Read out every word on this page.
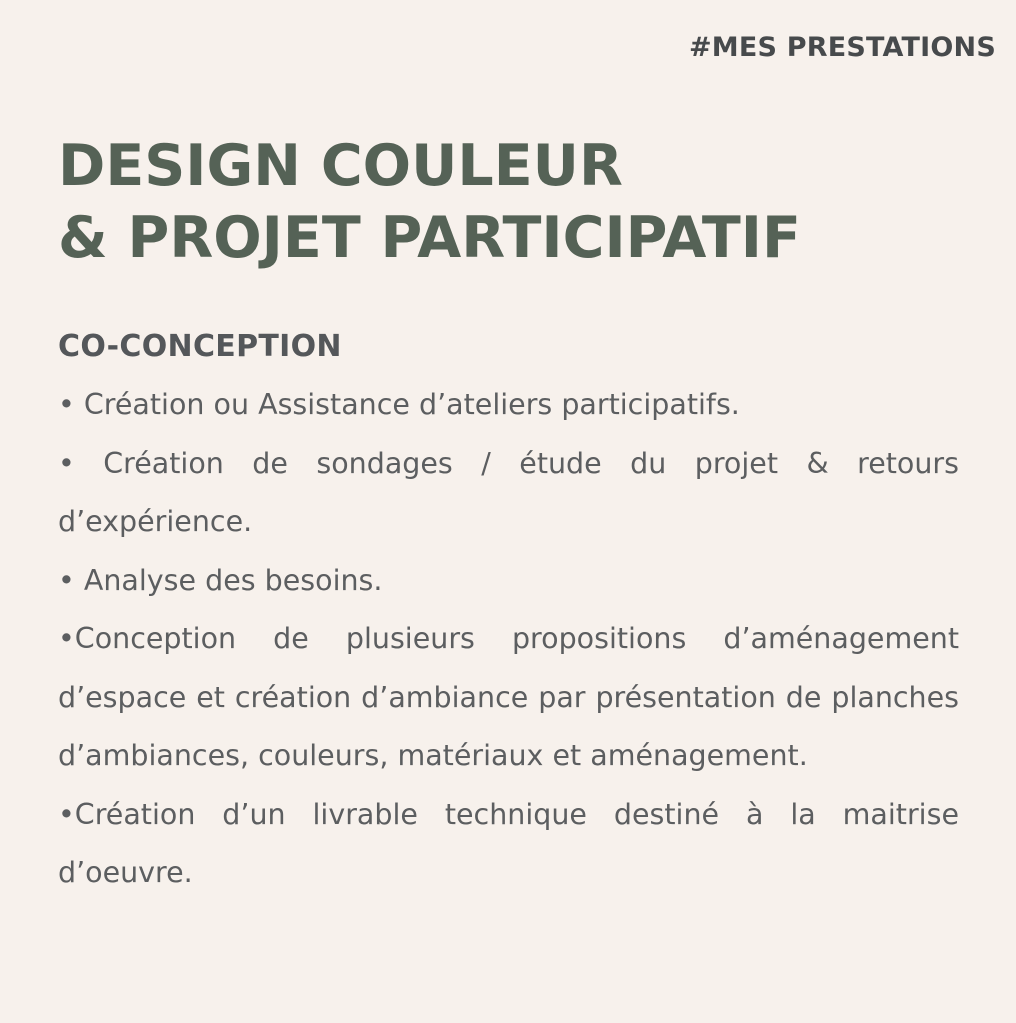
#MES PRESTATIONS
DESIGN COULEUR
& PROJET PARTICIPATIF
CO-CONCEPTION

• Création ou Assistance d’ateliers participatifs.

• Création de sondages / étude du projet & retours d’expérience.

• Analyse des besoins.

•Conception de plusieurs propositions d’aménagement d’espace et création d’ambiance par présentation de planches d’ambiances, couleurs, matériaux et aménagement.

•Création d’un livrable technique destiné à la maitrise d’oeuvre.
